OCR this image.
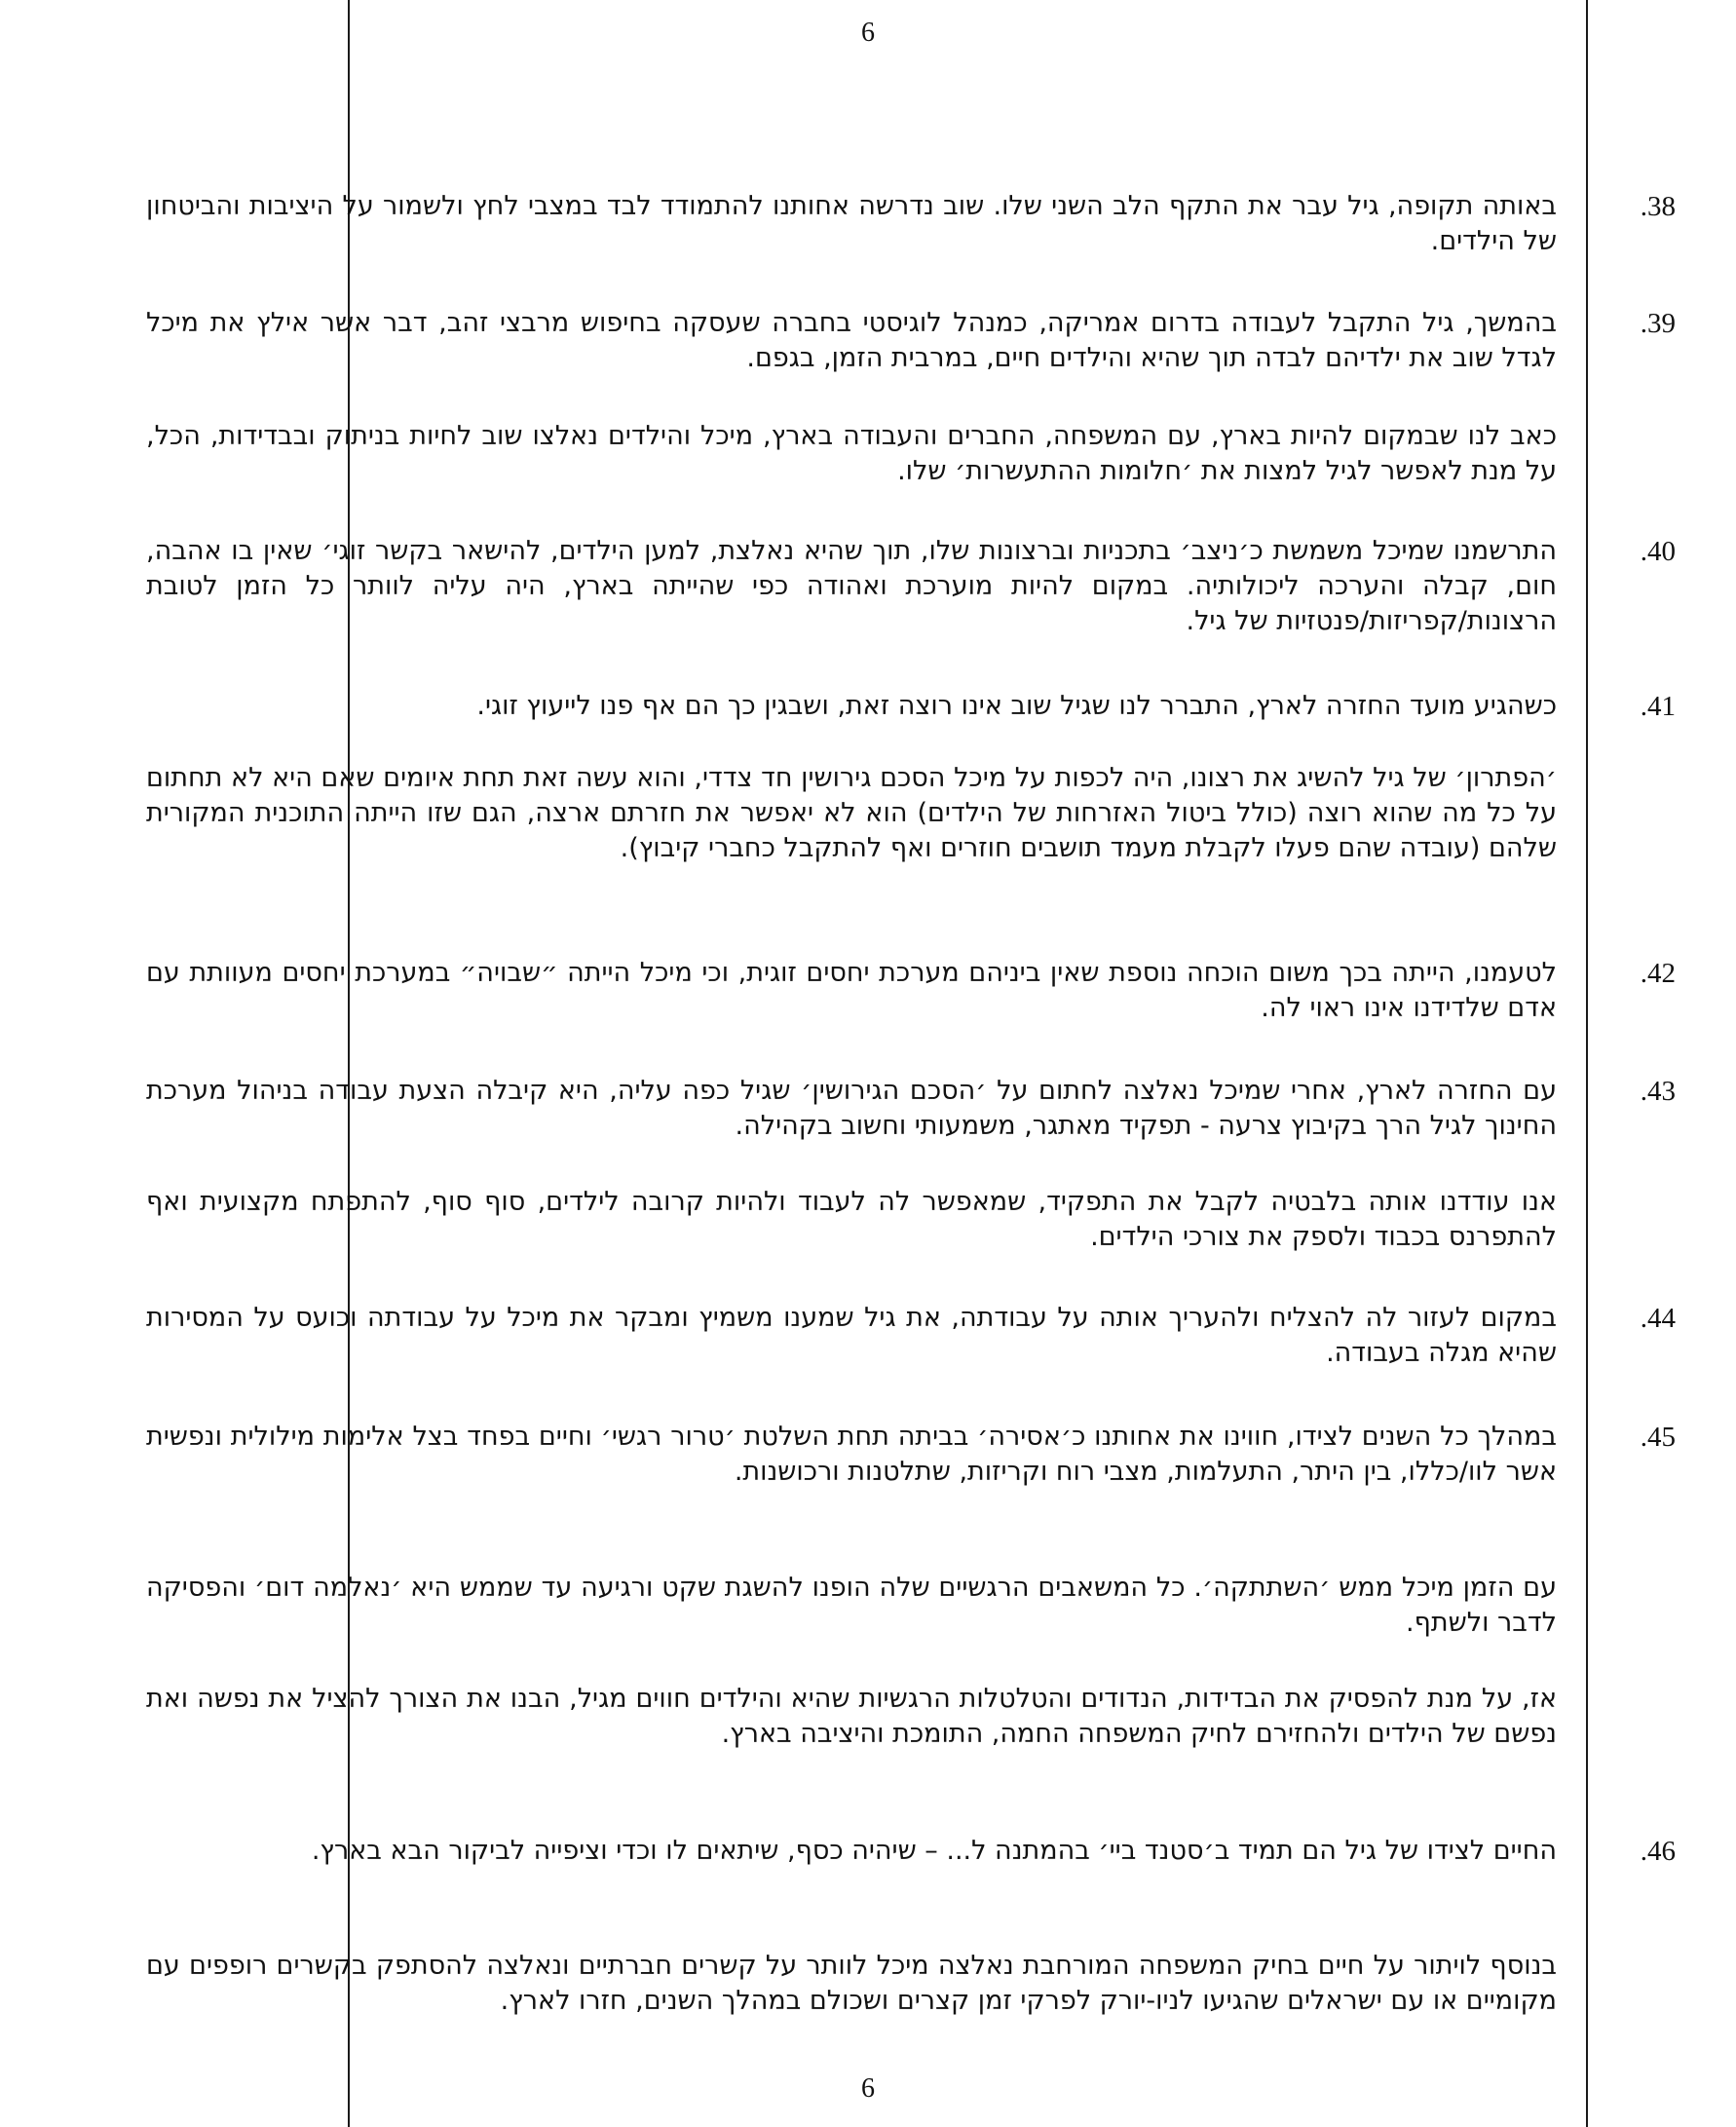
6
.38
באותה תקופה, גיל עבר את התקף הלב השני שלו. שוב נדרשה אחותנו להתמודד לבד במצבי לחץ ולשמור על היציבות והביטחון של הילדים.
.39
בהמשך, גיל התקבל לעבודה בדרום אמריקה, כמנהל לוגיסטי בחברה שעסקה בחיפוש מרבצי זהב, דבר אשר אילץ את מיכל לגדל שוב את ילדיהם לבדה תוך שהיא והילדים חיים, במרבית הזמן, בגפם.
כאב לנו שבמקום להיות בארץ, עם המשפחה, החברים והעבודה בארץ, מיכל והילדים נאלצו שוב לחיות בניתוק ובבדידות, הכל, על מנת לאפשר לגיל למצות את ׳חלומות ההתעשרות׳ שלו.
.40
התרשמנו שמיכל משמשת כ׳ניצב׳ בתכניות וברצונות שלו, תוך שהיא נאלצת, למען הילדים, להישאר בקשר זוגי׳ שאין בו אהבה, חום, קבלה והערכה ליכולותיה. במקום להיות מוערכת ואהודה כפי שהייתה בארץ, היה עליה לוותר כל הזמן לטובת הרצונות/קפריזות/פנטזיות של גיל.
.41
כשהגיע מועד החזרה לארץ, התברר לנו שגיל שוב אינו רוצה זאת, ושבגין כך הם אף פנו לייעוץ זוגי.
׳הפתרון׳ של גיל להשיג את רצונו, היה לכפות על מיכל הסכם גירושין חד צדדי, והוא עשה זאת תחת איומים שאם היא לא תחתום על כל מה שהוא רוצה (כולל ביטול האזרחות של הילדים) הוא לא יאפשר את חזרתם ארצה, הגם שזו הייתה התוכנית המקורית שלהם (עובדה שהם פעלו לקבלת מעמד תושבים חוזרים ואף להתקבל כחברי קיבוץ).
.42
לטעמנו, הייתה בכך משום הוכחה נוספת שאין ביניהם מערכת יחסים זוגית, וכי מיכל הייתה ״שבויה״ במערכת יחסים מעוותת עם אדם שלדידנו אינו ראוי לה.
.43
עם החזרה לארץ, אחרי שמיכל נאלצה לחתום על ׳הסכם הגירושין׳ שגיל כפה עליה, היא קיבלה הצעת עבודה בניהול מערכת החינוך לגיל הרך בקיבוץ צרעה - תפקיד מאתגר, משמעותי וחשוב בקהילה.
אנו עודדנו אותה בלבטיה לקבל את התפקיד, שמאפשר לה לעבוד ולהיות קרובה לילדים, סוף סוף, להתפתח מקצועית ואף להתפרנס בכבוד ולספק את צורכי הילדים.
.44
במקום לעזור לה להצליח ולהעריך אותה על עבודתה, את גיל שמענו משמיץ ומבקר את מיכל על עבודתה וכועס על המסירות שהיא מגלה בעבודה.
.45
במהלך כל השנים לצידו, חווינו את אחותנו כ׳אסירה׳ בביתה תחת השלטת ׳טרור רגשי׳ וחיים בפחד בצל אלימות מילולית ונפשית אשר לוו/כללו, בין היתר, התעלמות, מצבי רוח וקריזות, שתלטנות ורכושנות.
עם הזמן מיכל ממש ׳השתתקה׳. כל המשאבים הרגשיים שלה הופנו להשגת שקט ורגיעה עד שממש היא ׳נאלמה דום׳ והפסיקה לדבר ולשתף.
אז, על מנת להפסיק את הבדידות, הנדודים והטלטלות הרגשיות שהיא והילדים חווים מגיל, הבנו את הצורך להציל את נפשה ואת נפשם של הילדים ולהחזירם לחיק המשפחה החמה, התומכת והיציבה בארץ.
.46
החיים לצידו של גיל הם תמיד ב׳סטנד ביי׳ בהמתנה ל... – שיהיה כסף, שיתאים לו וכדי וציפייה לביקור הבא בארץ.
בנוסף לויתור על חיים בחיק המשפחה המורחבת נאלצה מיכל לוותר על קשרים חברתיים ונאלצה להסתפק בקשרים רופפים עם מקומיים או עם ישראלים שהגיעו לניו-יורק לפרקי זמן קצרים ושכולם במהלך השנים, חזרו לארץ.
6
